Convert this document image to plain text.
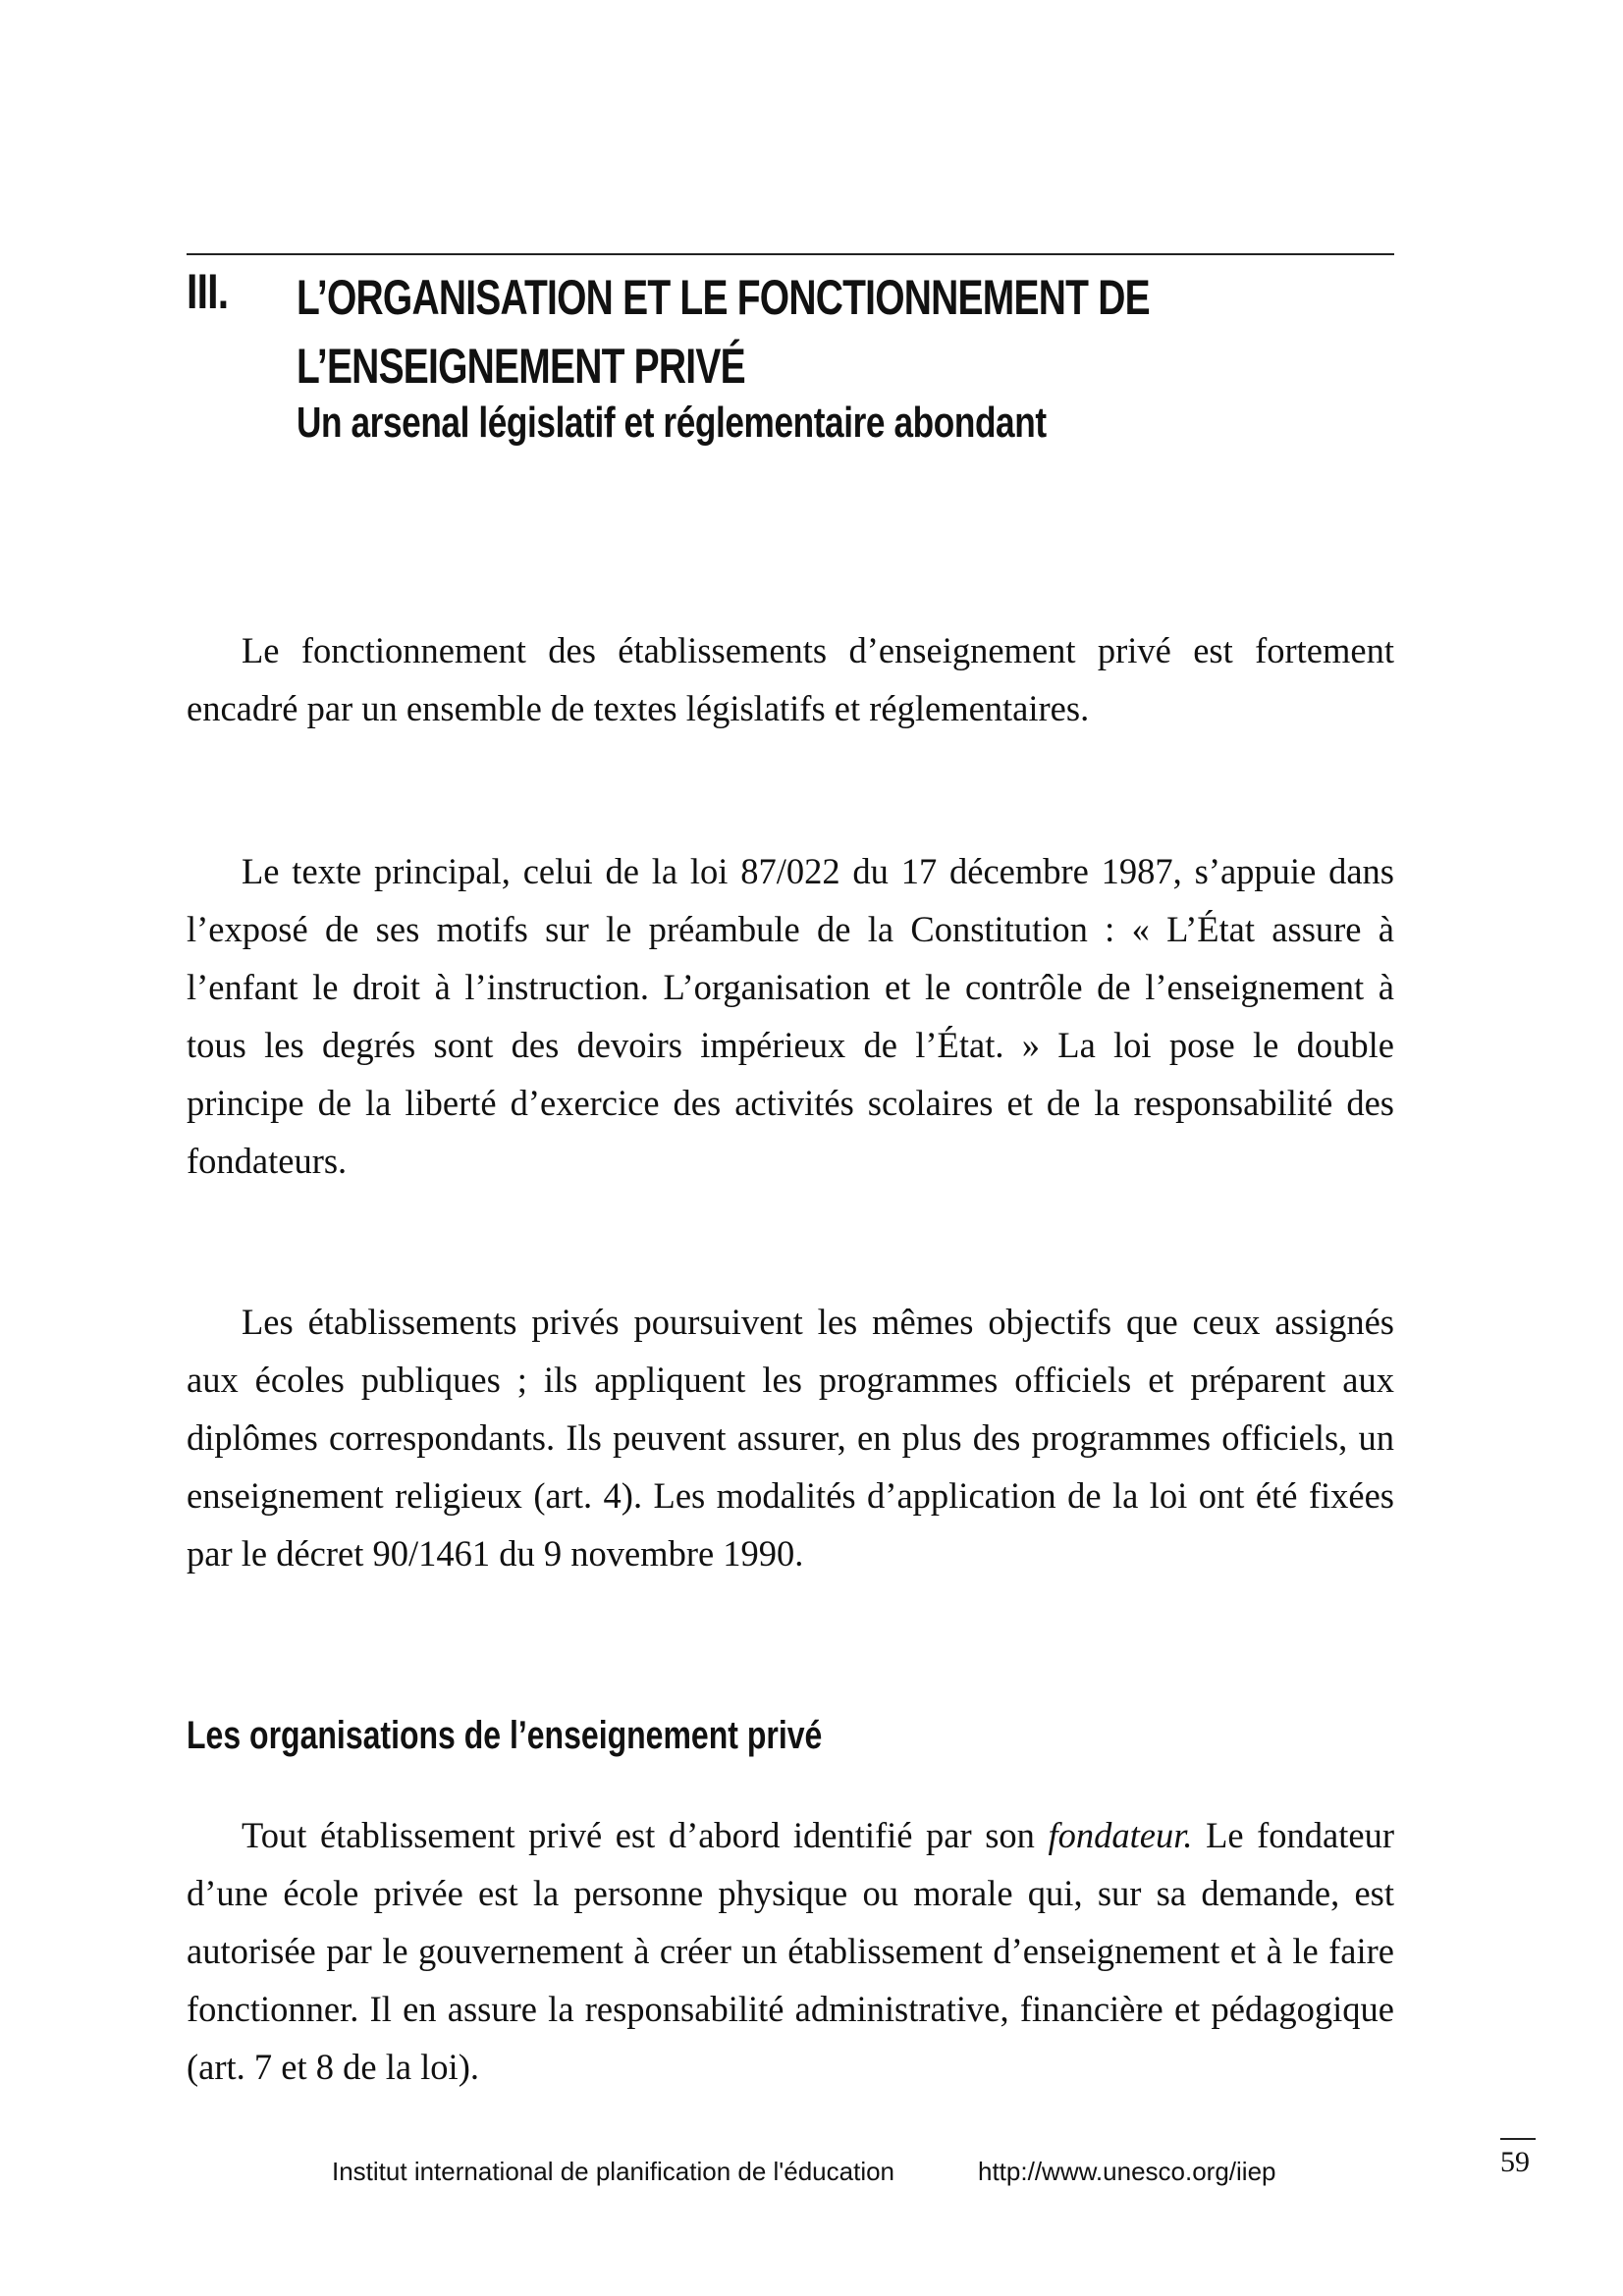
III. L’ORGANISATION ET LE FONCTIONNEMENT DE
L’ENSEIGNEMENT PRIVÉ
Un arsenal législatif et réglementaire abondant

Le fonctionnement des établissements d’enseignement privé est fortement encadré par un ensemble de textes législatifs et réglementaires.

Le texte principal, celui de la loi 87/022 du 17 décembre 1987, s’appuie dans l’exposé de ses motifs sur le préambule de la Constitution : « L’État assure à l’enfant le droit à l’instruction. L’organisation et le contrôle de l’enseignement à tous les degrés sont des devoirs impérieux de l’État. » La loi pose le double principe de la liberté d’exercice des activités scolaires et de la responsabilité des fondateurs.

Les établissements privés poursuivent les mêmes objectifs que ceux assignés aux écoles publiques ; ils appliquent les programmes officiels et préparent aux diplômes correspondants. Ils peuvent assurer, en plus des programmes officiels, un enseignement religieux (art. 4). Les modalités d’application de la loi ont été fixées par le décret 90/1461 du 9 novembre 1990.

Les organisations de l’enseignement privé

Tout établissement privé est d’abord identifié par son fondateur. Le fondateur d’une école privée est la personne physique ou morale qui, sur sa demande, est autorisée par le gouvernement à créer un établissement d’enseignement et à le faire fonctionner. Il en assure la responsabilité administrative, financière et pédagogique (art. 7 et 8 de la loi).

Institut international de planification de l'éducation	http://www.unesco.org/iiep	59
